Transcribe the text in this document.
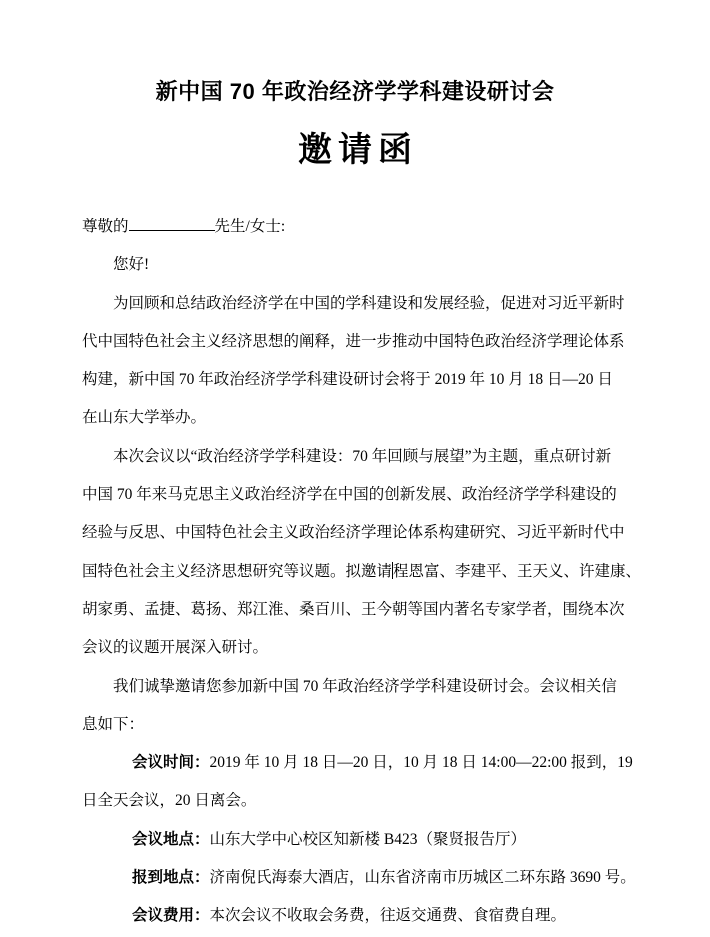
新中国 70 年政治经济学学科建设研讨会
邀请函
尊敬的	先生/女士:
您好!
为回顾和总结政治经济学在中国的学科建设和发展经验，促进对习近平新时
代中国特色社会主义经济思想的阐释，进一步推动中国特色政治经济学理论体系
构建，新中国 70 年政治经济学学科建设研讨会将于 2019 年 10 月 18 日—20 日
在山东大学举办。
本次会议以“政治经济学学科建设：70 年回顾与展望”为主题，重点研讨新
中国 70 年来马克思主义政治经济学在中国的创新发展、政治经济学学科建设的
经验与反思、中国特色社会主义政治经济学理论体系构建研究、习近平新时代中
国特色社会主义经济思想研究等议题。拟邀请程恩富、李建平、王天义、许建康、
胡家勇、孟捷、葛扬、郑江淮、桑百川、王今朝等国内著名专家学者，围绕本次
会议的议题开展深入研讨。
我们诚挚邀请您参加新中国 70 年政治经济学学科建设研讨会。会议相关信
息如下：
会议时间：2019 年 10 月 18 日—20 日，10 月 18 日 14:00—22:00 报到，19
日全天会议，20 日离会。
会议地点：山东大学中心校区知新楼 B423（聚贤报告厅）
报到地点：济南倪氏海泰大酒店，山东省济南市历城区二环东路 3690 号。
会议费用：本次会议不收取会务费，往返交通费、食宿费自理。
